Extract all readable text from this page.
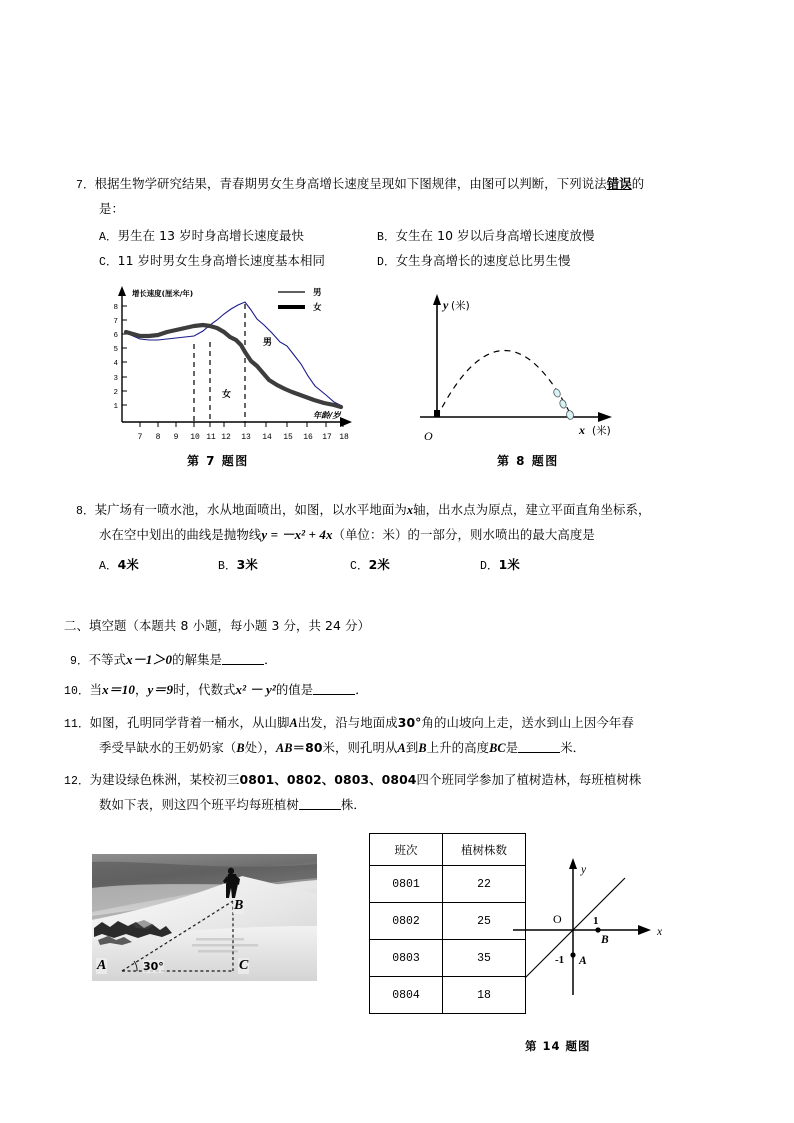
7．根据生物学研究结果，青春期男女生身高增长速度呈现如下图规律，由图可以判断，下列说法错误的
是：
A．男生在 13 岁时身高增长速度最快	B．女生在 10 岁以后身高增长速度放慢
C．11 岁时男女生身高增长速度基本相同	D．女生身高增长的速度总比男生慢
男
女
增长速度(厘米/年)
年龄/岁
8
7
6
5
4
3
2
1
7 8 9 10 11 12 13 14 15 16 17 18
男
女
第 7 题图
y (米)
x (米)
O
第 8 题图
8．某广场有一喷水池，水从地面喷出，如图，以水平地面为x轴，出水点为原点，建立平面直角坐标系，
水在空中划出的曲线是抛物线y = －x² + 4x（单位：米）的一部分，则水喷出的最大高度是
A．4米	B．3米	C．2米	D．1米
二、填空题（本题共 8 小题，每小题 3 分，共 24 分）
9．不等式x－1＞0的解集是	．
10．当x＝10，y＝9时，代数式x² － y²的值是	．
11．如图，孔明同学背着一桶水，从山脚A出发，沿与地面成30°角的山坡向上走，送水到山上因今年春
季受旱缺水的王奶奶家（B处），AB＝80米，则孔明从A到B上升的高度BC是	米．
12．为建设绿色株洲，某校初三0801、0802、0803、0804四个班同学参加了植树造林，每班植树株
数如下表，则这四个班平均每班植树	株．
A
B
C
30°
班次	植树株数
0801	22
0802	25
0803	35
0804	18
O	1
B
-1 A
x
y
第 14 题图
